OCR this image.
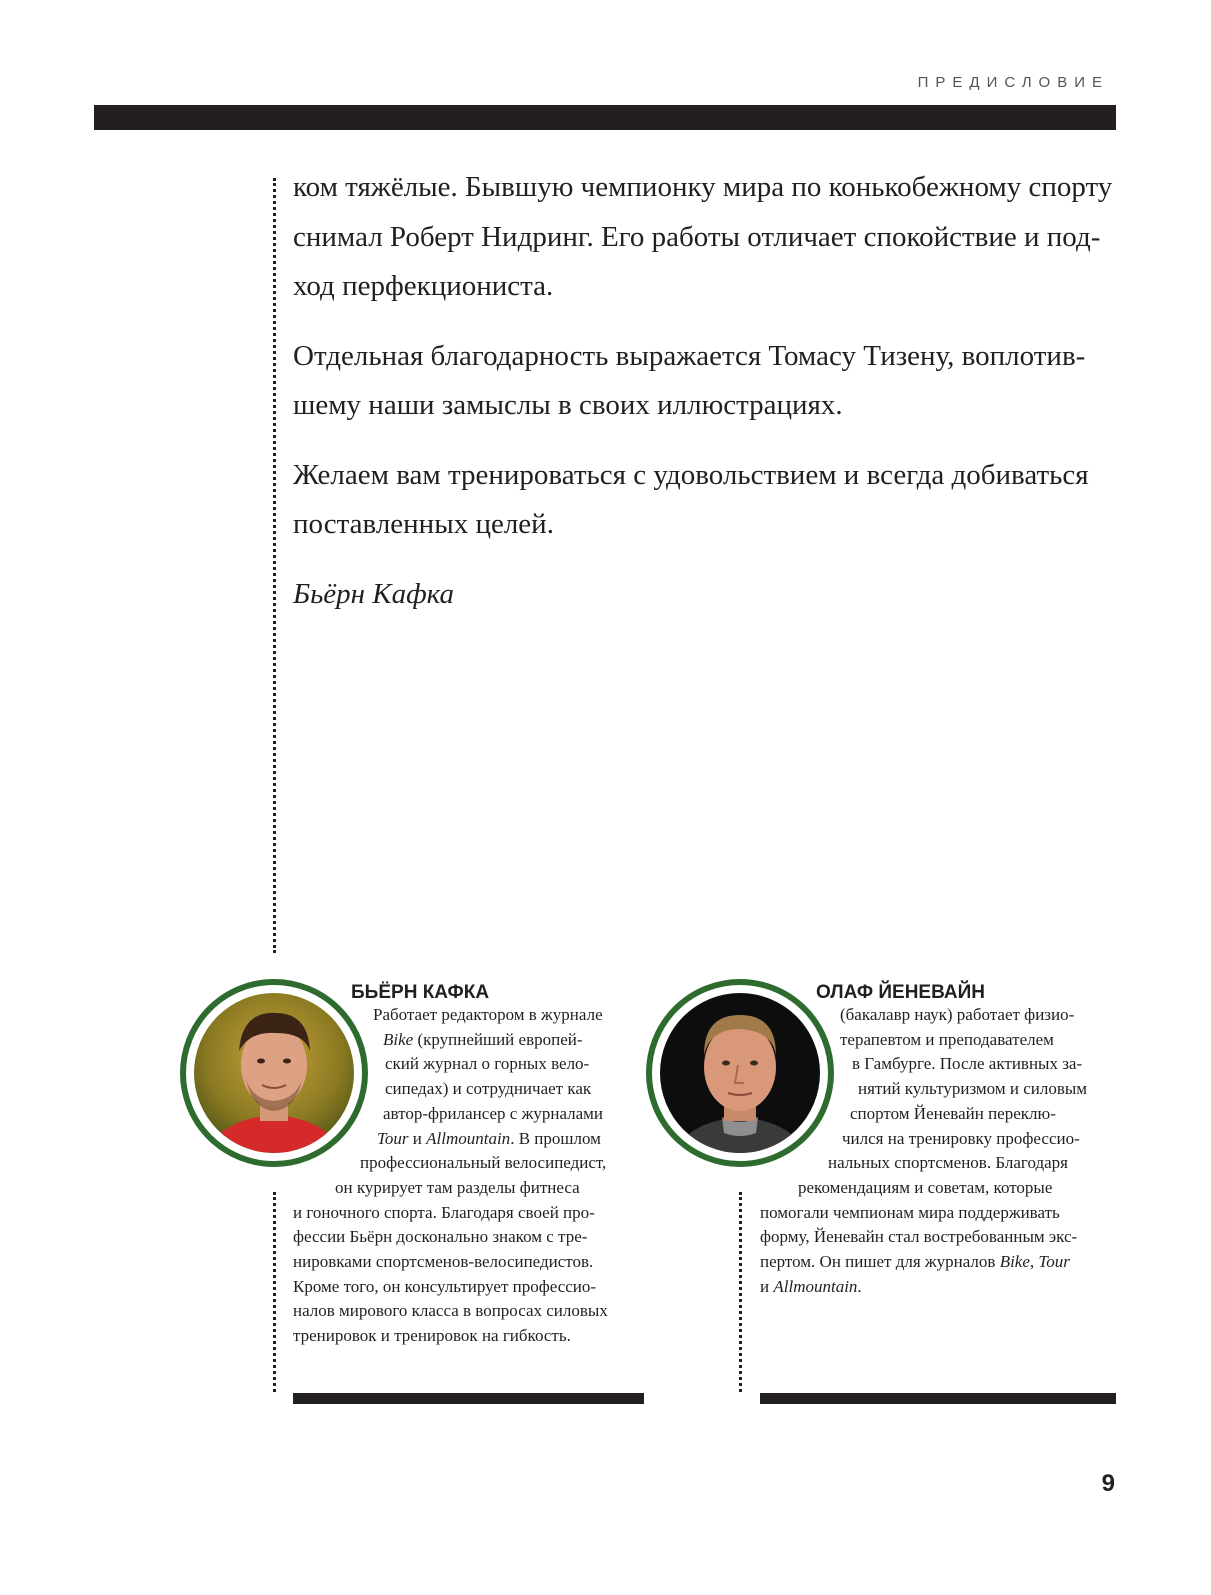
ПРЕДИСЛОВИЕ

ком тяжёлые. Бывшую чемпионку мира по конькобежному спорту
снимал Роберт Нидринг. Его работы отличает спокойствие и под-
ход перфекциониста.

Отдельная благодарность выражается Томасу Тизену, воплотив-
шему наши замыслы в своих иллюстрациях.

Желаем вам тренироваться с удовольствием и всегда добиваться
поставленных целей.

Бьёрн Кафка

БЬЁРН КАФКА
Работает редактором в журнале
Bike (крупнейший европей-
ский журнал о горных вело-
сипедах) и сотрудничает как
автор-фрилансер с журналами
Tour и Allmountain. В прошлом
профессиональный велосипедист,
он курирует там разделы фитнеса
и гоночного спорта. Благодаря своей про-
фессии Бьёрн досконально знаком с тре-
нировками спортсменов-велосипедистов.
Кроме того, он консультирует профессио-
налов мирового класса в вопросах силовых
тренировок и тренировок на гибкость.
ОЛАФ ЙЕНЕВАЙН
(бакалавр наук) работает физио-
терапевтом и преподавателем
в Гамбурге. После активных за-
нятий культуризмом и силовым
спортом Йеневайн переклю-
чился на тренировку профессио-
нальных спортсменов. Благодаря
рекомендациям и советам, которые
помогали чемпионам мира поддерживать
форму, Йеневайн стал востребованным экс-
пертом. Он пишет для журналов Bike, Tour
и Allmountain.
9
